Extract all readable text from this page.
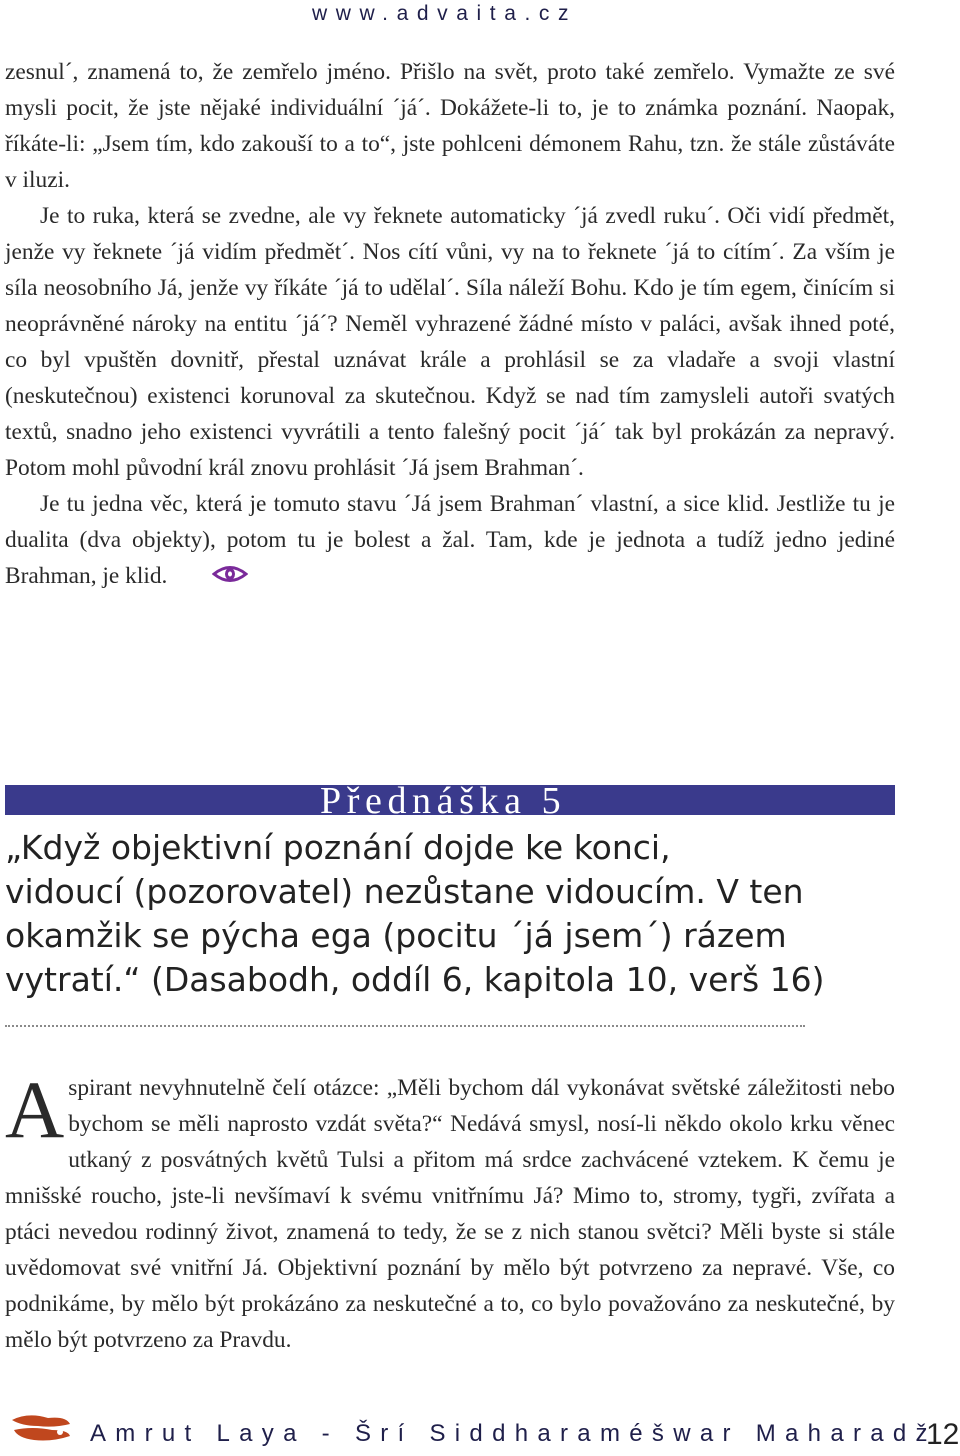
www.advaita.cz

zesnul´, znamená to, že zemřelo jméno. Přišlo na svět, proto také zemřelo. Vymažte ze své mysli pocit, že jste nějaké individuální ´já´. Dokážete-li to, je to známka poznání. Naopak, říkáte-li: „Jsem tím, kdo zakouší to a to“, jste pohlceni démonem Rahu, tzn. že stále zůstáváte v iluzi.

Je to ruka, která se zvedne, ale vy řeknete automaticky ´já zvedl ruku´. Oči vidí předmět, jenže vy řeknete ´já vidím předmět´. Nos cítí vůni, vy na to řeknete ´já to cítím´. Za vším je síla neosobního Já, jenže vy říkáte ´já to udělal´. Síla náleží Bohu. Kdo je tím egem, činícím si neoprávněné nároky na entitu ´já´? Neměl vyhrazené žádné místo v paláci, avšak ihned poté, co byl vpuštěn dovnitř, přestal uznávat krále a prohlásil se za vladaře a svoji vlastní (neskutečnou) existenci korunoval za skutečnou. Když se nad tím zamysleli autoři svatých textů, snadno jeho existenci vyvrátili a tento falešný pocit ´já´ tak byl prokázán za nepravý. Potom mohl původní král znovu prohlásit ´Já jsem Brahman´.

Je tu jedna věc, která je tomuto stavu ´Já jsem Brahman´ vlastní, a sice klid. Jestliže tu je dualita (dva objekty), potom tu je bolest a žal. Tam, kde je jednota a tudíž jedno jediné Brahman, je klid.

Přednáška 5

„Když objektivní poznání dojde ke konci,

vidoucí (pozorovatel) nezůstane vidoucím. V ten

okamžik se pýcha ega (pocitu ´já jsem´) rázem

vytratí.“ (Dasabodh, oddíl 6, kapitola 10, verš 16)

Aspirant nevyhnutelně čelí otázce: „Měli bychom dál vykonávat světské záležitosti nebo bychom se měli naprosto vzdát světa?“ Nedává smysl, nosí-li někdo okolo krku věnec utkaný z posvátných květů Tulsi a přitom má srdce zachvácené vztekem. K čemu je mnišské roucho, jste-li nevšímaví k svému vnitřnímu Já? Mimo to, stromy, tygři, zvířata a ptáci nevedou rodinný život, znamená to tedy, že se z nich stanou světci? Měli byste si stále uvědomovat své vnitřní Já. Objektivní poznání by mělo být potvrzeno za nepravé. Vše, co podnikáme, by mělo být prokázáno za neskutečné a to, co bylo považováno za neskutečné, by mělo být potvrzeno za Pravdu.

Amrut Laya - Šrí Siddharaméšwar Maharadž
12
